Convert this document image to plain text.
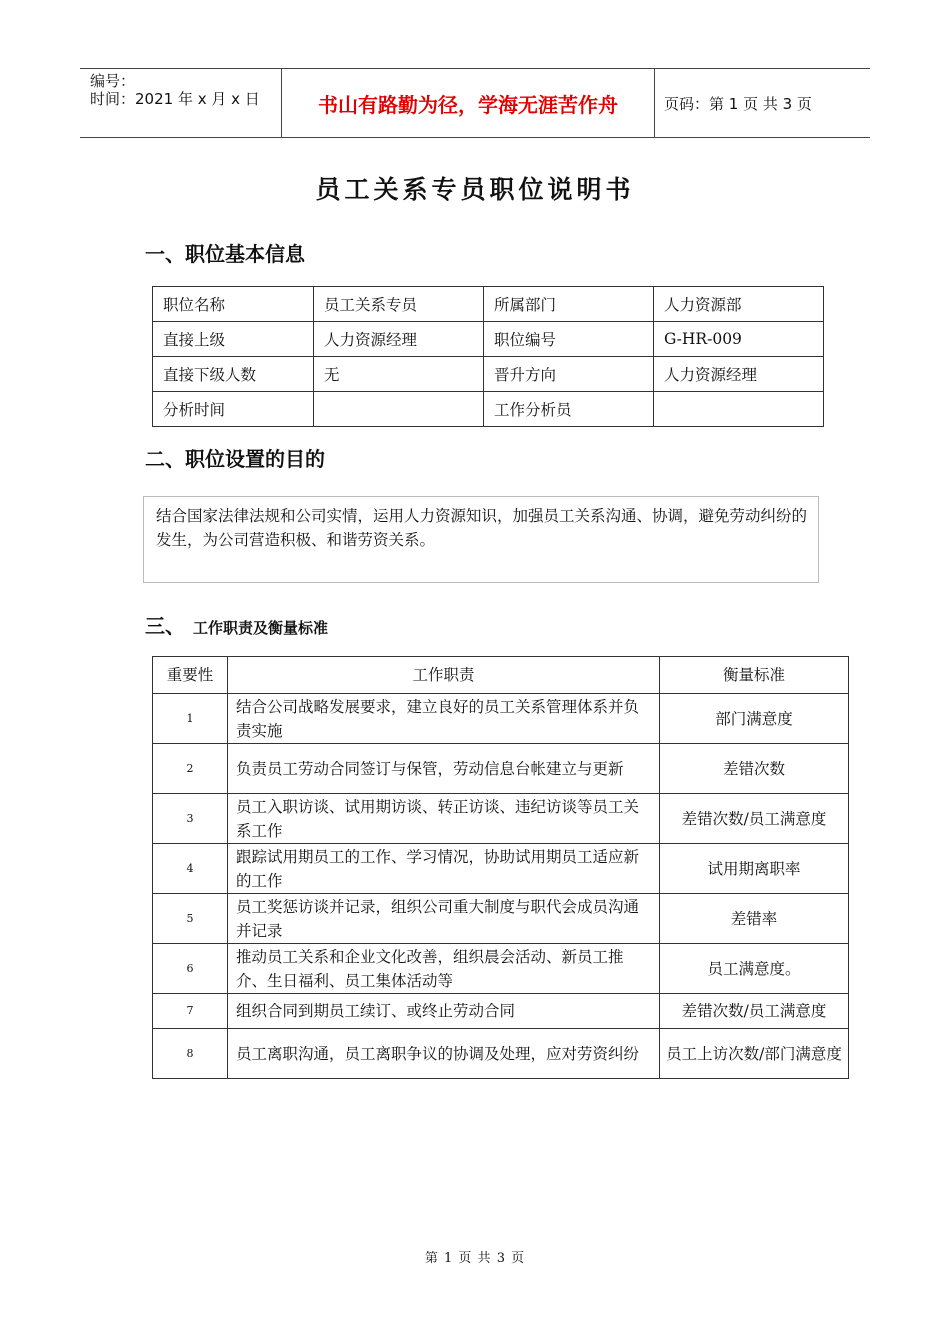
编号：
时间：2021 年 x 月 x 日	书山有路勤为径，学海无涯苦作舟	页码：第 1 页 共 3 页
员工关系专员职位说明书
一、职位基本信息
职位名称	员工关系专员	所属部门	人力资源部
直接上级	人力资源经理	职位编号	G-HR-009
直接下级人数	无	晋升方向	人力资源经理
分析时间		工作分析员	
二、职位设置的目的
结合国家法律法规和公司实情，运用人力资源知识，加强员工关系沟通、协调，避免劳动纠纷的发生，为公司营造积极、和谐劳资关系。
三、 工作职责及衡量标准
重要性	工作职责	衡量标准
1	结合公司战略发展要求，建立良好的员工关系管理体系并负责实施	部门满意度
2	负责员工劳动合同签订与保管，劳动信息台帐建立与更新	差错次数
3	员工入职访谈、试用期访谈、转正访谈、违纪访谈等员工关系工作	差错次数/员工满意度
4	跟踪试用期员工的工作、学习情况，协助试用期员工适应新的工作	试用期离职率
5	员工奖惩访谈并记录，组织公司重大制度与职代会成员沟通并记录	差错率
6	推动员工关系和企业文化改善，组织晨会活动、新员工推介、生日福利、员工集体活动等	员工满意度。
7	组织合同到期员工续订、或终止劳动合同	差错次数/员工满意度
8	员工离职沟通，员工离职争议的协调及处理，应对劳资纠纷	员工上访次数/部门满意度
第 1 页 共 3 页
